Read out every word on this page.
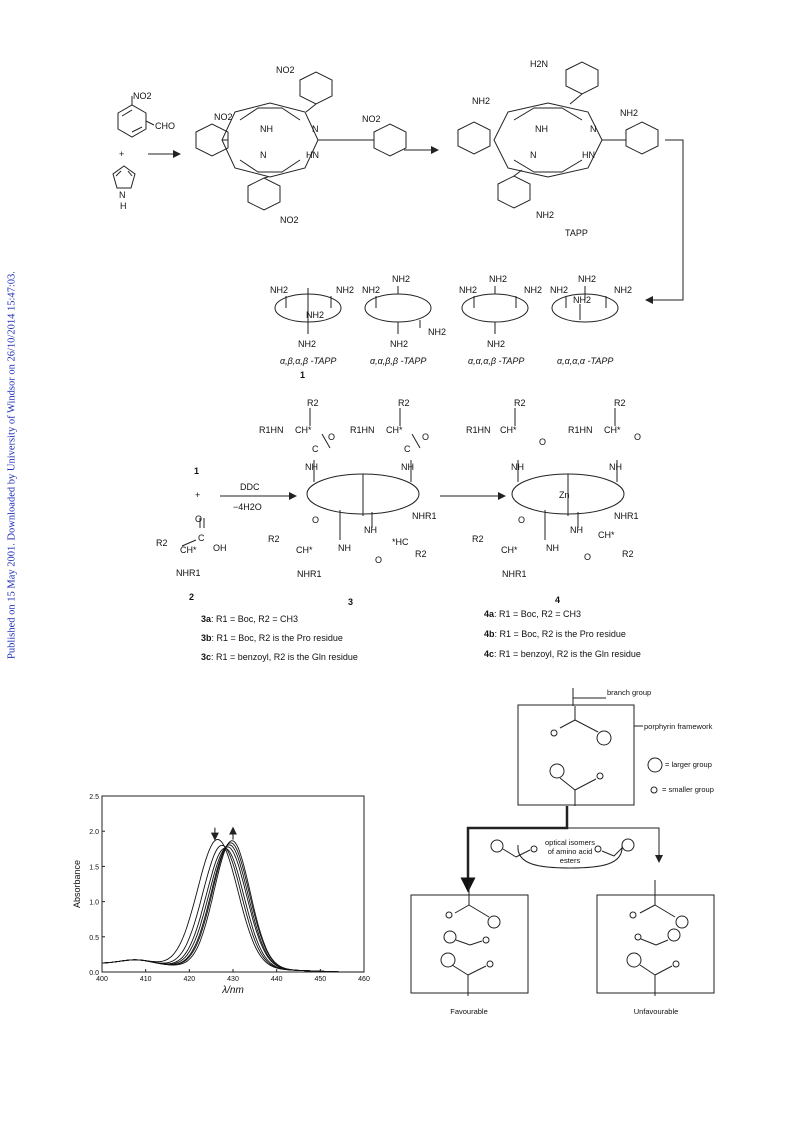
Published on 15 May 2001. Downloaded by University of Windsor on 26/10/2014 15:47:03.
NO2
CHO
+
N
H
NO2
NO2	NO2
NO2
NH	N
N	HN
H2N
NH2
NH2
NH2
NH	N
N	HN
TAPP
NH2	NH2
NH2
NH2
NH2
NH2
NH2
NH2
NH2
NH2
NH2
NH2
NH2
NH2
NH2
NH2
α,β,α,β -TAPP
1
α,α,β,β -TAPP	α,α,α,β -TAPP	α,α,α,α -TAPP
1
+
DDC
−4H2O
O
R2
CH*
C
OH
NHR1
2
R2	R2
R1HN CH*	R1HN CH*
O	O
C	C
NH	NH
O	NHR1
NH
NH
*HC
R2
CH*	R2
O
NHR1
3
R2	R2
R1HN CH*	R1HN CH*
O	O
NH	NH
Zn
O	NHR1
NH
NH
CH*
R2
CH*	R2
O
NHR1
4
3a: R1 = Boc, R2 = CH3
3b: R1 = Boc, R2 is the Pro residue
3c: R1 = benzoyl, R2 is the Gln residue
4a: R1 = Boc, R2 = CH3
4b: R1 = Boc, R2 is the Pro residue
4c: R1 = benzoyl, R2 is the Gln residue
400	410	420	430	440	450	460
0.0
0.5
1.0
1.5
2.0
2.5
Absorbance
λ/nm
branch group
porphyrin framework
= larger group
= smaller group
optical isomers
of amino acid
esters
Favourable	Unfavourable
